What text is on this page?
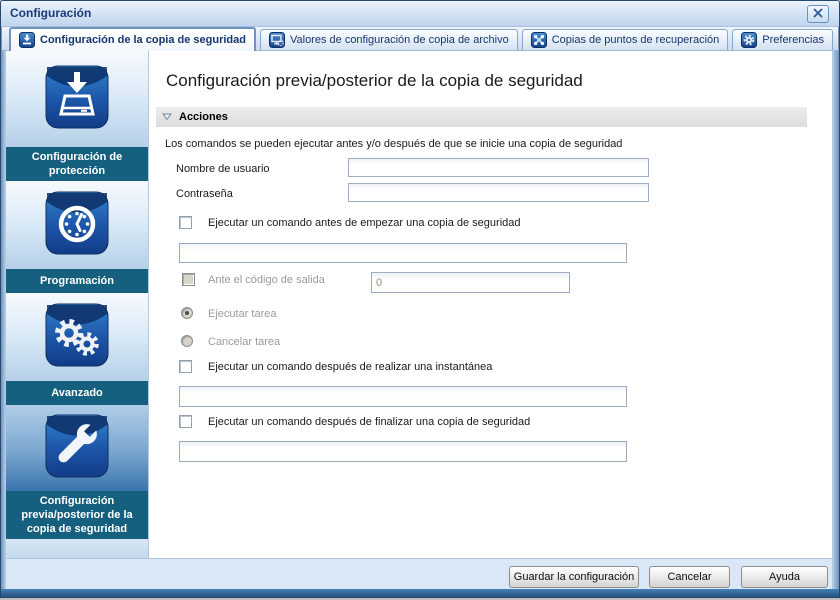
Configuración
Configuración de la copia de seguridad	Valores de configuración de copia de archivo	Copias de puntos de recuperación	Preferencias
Configuración de protección
Programación
Avanzado
Configuración previa/posterior de la copia de seguridad
Configuración previa/posterior de la copia de seguridad
Acciones
Los comandos se pueden ejecutar antes y/o después de que se inicie una copia de seguridad
Nombre de usuario
Contraseña
Ejecutar un comando antes de empezar una copia de seguridad
Ante el código de salida
0
Ejecutar tarea
Cancelar tarea
Ejecutar un comando después de realizar una instantánea
Ejecutar un comando después de finalizar una copia de seguridad
Guardar la configuración	Cancelar	Ayuda
